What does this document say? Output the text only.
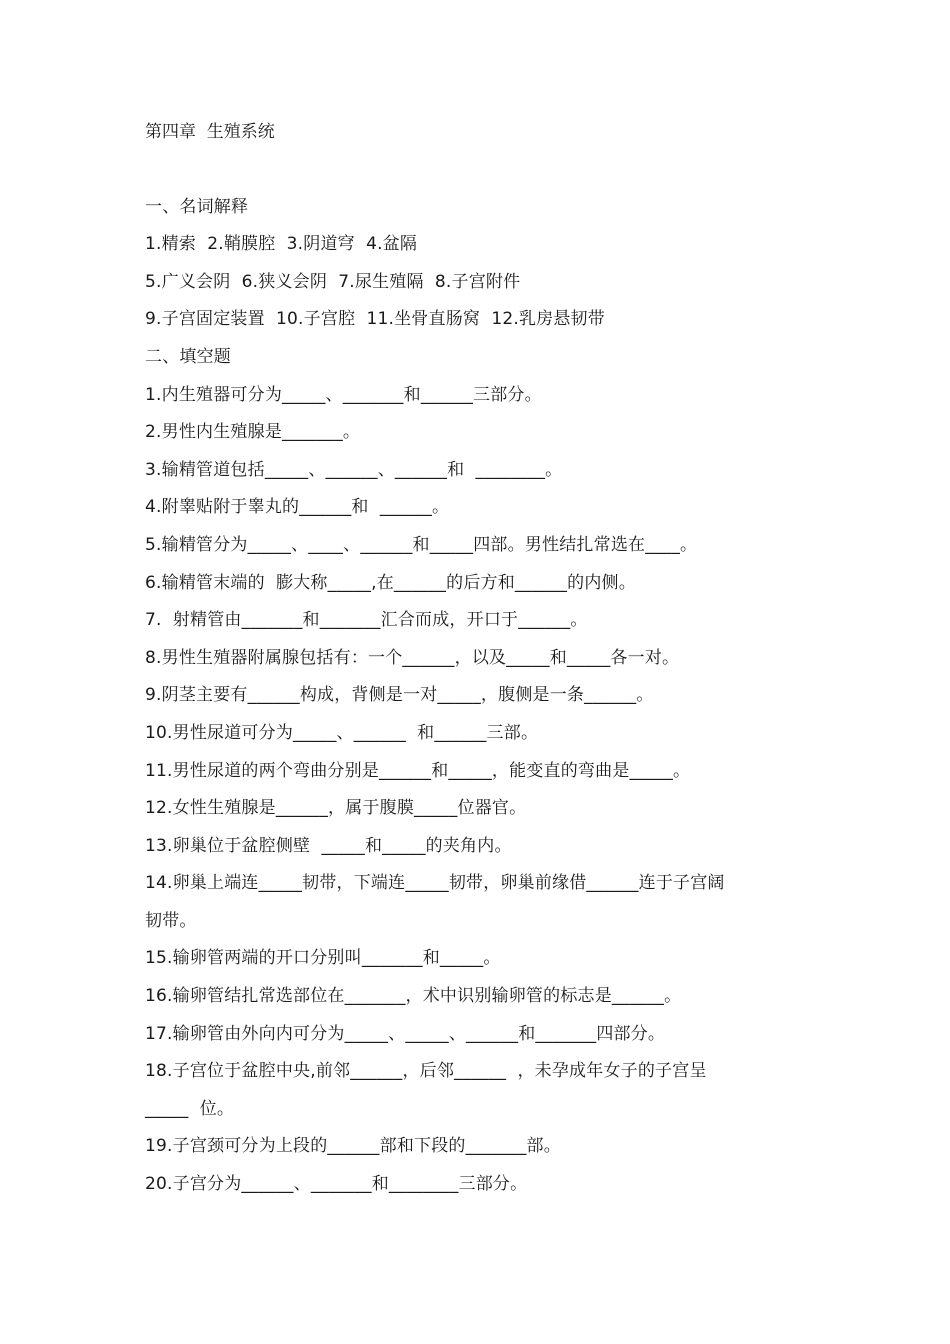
第四章  生殖系统
一、名词解释
1.精索  2.鞘膜腔  3.阴道穹  4.盆隔
5.广义会阴  6.狭义会阴  7.尿生殖隔  8.子宫附件
9.子宫固定装置  10.子宫腔  11.坐骨直肠窝  12.乳房悬韧带
二、填空题
1.内生殖器可分为_____、_______和______三部分。
2.男性内生殖腺是_______。
3.输精管道包括_____、______、______和  ________。
4.附睾贴附于睾丸的______和  ______。
5.输精管分为_____、____、______和_____四部。男性结扎常选在____。
6.输精管末端的  膨大称_____,在______的后方和______的内侧。
7.  射精管由_______和_______汇合而成，开口于______。
8.男性生殖器附属腺包括有：一个______，以及_____和_____各一对。
9.阴茎主要有______构成，背侧是一对_____，腹侧是一条______。
10.男性尿道可分为_____、______  和______三部。
11.男性尿道的两个弯曲分别是______和_____，能变直的弯曲是_____。
12.女性生殖腺是______，属于腹膜_____位器官。
13.卵巢位于盆腔侧壁  _____和_____的夹角内。
14.卵巢上端连_____韧带，下端连_____韧带，卵巢前缘借______连于子宫阔
韧带。
15.输卵管两端的开口分别叫_______和_____。
16.输卵管结扎常选部位在_______，术中识别输卵管的标志是______。
17.输卵管由外向内可分为_____、_____、______和_______四部分。
18.子宫位于盆腔中央,前邻______，后邻______  ，未孕成年女子的子宫呈
_____  位。
19.子宫颈可分为上段的______部和下段的_______部。
20.子宫分为______、_______和________三部分。
